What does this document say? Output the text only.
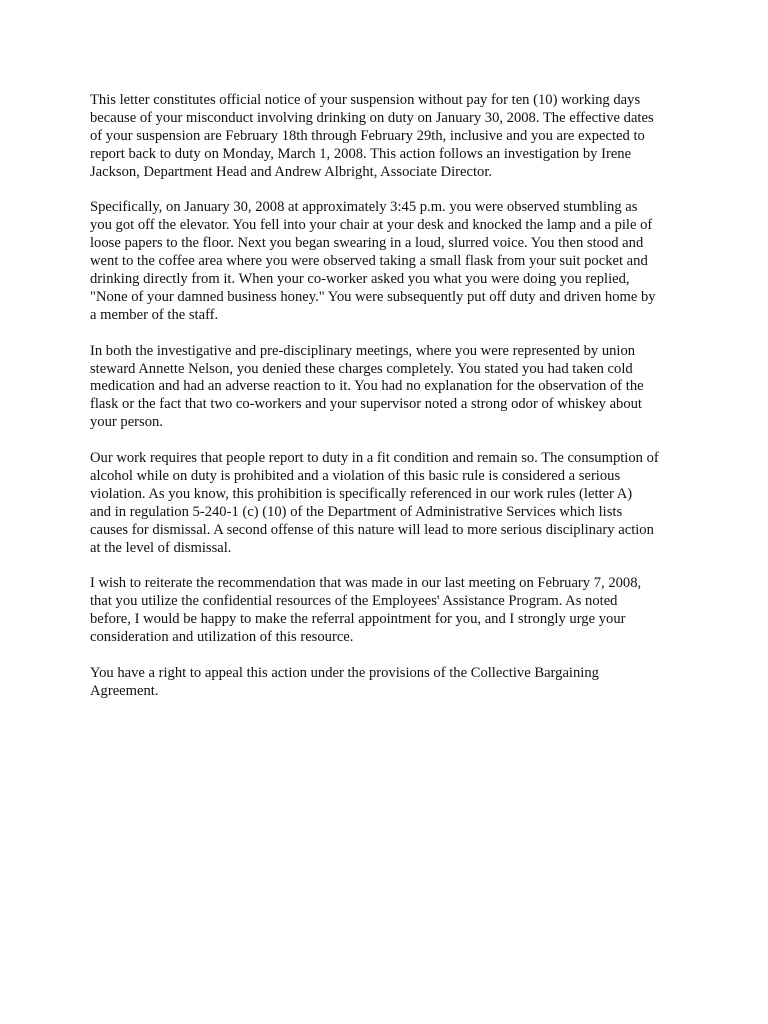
This letter constitutes official notice of your suspension without pay for ten (10) working days
because of your misconduct involving drinking on duty on January 30, 2008. The effective dates
of your suspension are February 18th through February 29th, inclusive and you are expected to
report back to duty on Monday, March 1, 2008. This action follows an investigation by Irene
Jackson, Department Head and Andrew Albright, Associate Director.

Specifically, on January 30, 2008 at approximately 3:45 p.m. you were observed stumbling as
you got off the elevator. You fell into your chair at your desk and knocked the lamp and a pile of
loose papers to the floor. Next you began swearing in a loud, slurred voice. You then stood and
went to the coffee area where you were observed taking a small flask from your suit pocket and
drinking directly from it. When your co-worker asked you what you were doing you replied,
"None of your damned business honey." You were subsequently put off duty and driven home by
a member of the staff.

In both the investigative and pre-disciplinary meetings, where you were represented by union
steward Annette Nelson, you denied these charges completely. You stated you had taken cold
medication and had an adverse reaction to it. You had no explanation for the observation of the
flask or the fact that two co-workers and your supervisor noted a strong odor of whiskey about
your person.

Our work requires that people report to duty in a fit condition and remain so. The consumption of
alcohol while on duty is prohibited and a violation of this basic rule is considered a serious
violation. As you know, this prohibition is specifically referenced in our work rules (letter A)
and in regulation 5-240-1 (c) (10) of the Department of Administrative Services which lists
causes for dismissal. A second offense of this nature will lead to more serious disciplinary action
at the level of dismissal.

I wish to reiterate the recommendation that was made in our last meeting on February 7, 2008,
that you utilize the confidential resources of the Employees' Assistance Program. As noted
before, I would be happy to make the referral appointment for you, and I strongly urge your
consideration and utilization of this resource.

You have a right to appeal this action under the provisions of the Collective Bargaining
Agreement.
